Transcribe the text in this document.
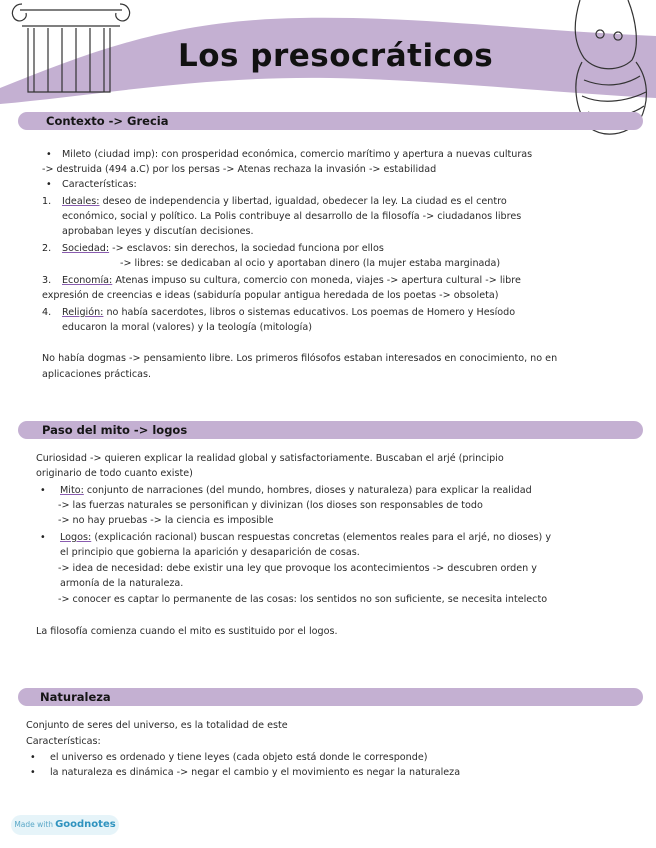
Los presocráticos
Contexto -> Grecia
• Mileto (ciudad imp): con prosperidad económica, comercio marítimo y apertura a nuevas culturas
-> destruida (494 a.C) por los persas -> Atenas rechaza la invasión -> estabilidad
• Características:
1. Ideales: deseo de independencia y libertad, igualdad, obedecer la ley. La ciudad es el centro
económico, social y político. La Polis contribuye al desarrollo de la filosofía -> ciudadanos libres
aprobaban leyes y discutían decisiones.
2. Sociedad: -> esclavos: sin derechos, la sociedad funciona por ellos
-> libres: se dedicaban al ocio y aportaban dinero (la mujer estaba marginada)
3. Economía: Atenas impuso su cultura, comercio con moneda, viajes -> apertura cultural -> libre
expresión de creencias e ideas (sabiduría popular antigua heredada de los poetas -> obsoleta)
4. Religión: no había sacerdotes, libros o sistemas educativos. Los poemas de Homero y Hesíodo
educaron la moral (valores) y la teología (mitología)
No había dogmas -> pensamiento libre. Los primeros filósofos estaban interesados en conocimiento, no en
aplicaciones prácticas.
Paso del mito -> logos
Curiosidad -> quieren explicar la realidad global y satisfactoriamente. Buscaban el arjé (principio
originario de todo cuanto existe)
• Mito: conjunto de narraciones (del mundo, hombres, dioses y naturaleza) para explicar la realidad
-> las fuerzas naturales se personifican y divinizan (los dioses son responsables de todo
-> no hay pruebas -> la ciencia es imposible
• Logos: (explicación racional) buscan respuestas concretas (elementos reales para el arjé, no dioses) y
el principio que gobierna la aparición y desaparición de cosas.
-> idea de necesidad: debe existir una ley que provoque los acontecimientos -> descubren orden y
armonía de la naturaleza.
-> conocer es captar lo permanente de las cosas: los sentidos no son suficiente, se necesita intelecto
La filosofía comienza cuando el mito es sustituido por el logos.
Naturaleza
Conjunto de seres del universo, es la totalidad de este
Características:
• el universo es ordenado y tiene leyes (cada objeto está donde le corresponde)
• la naturaleza es dinámica -> negar el cambio y el movimiento es negar la naturaleza
Made with Goodnotes
